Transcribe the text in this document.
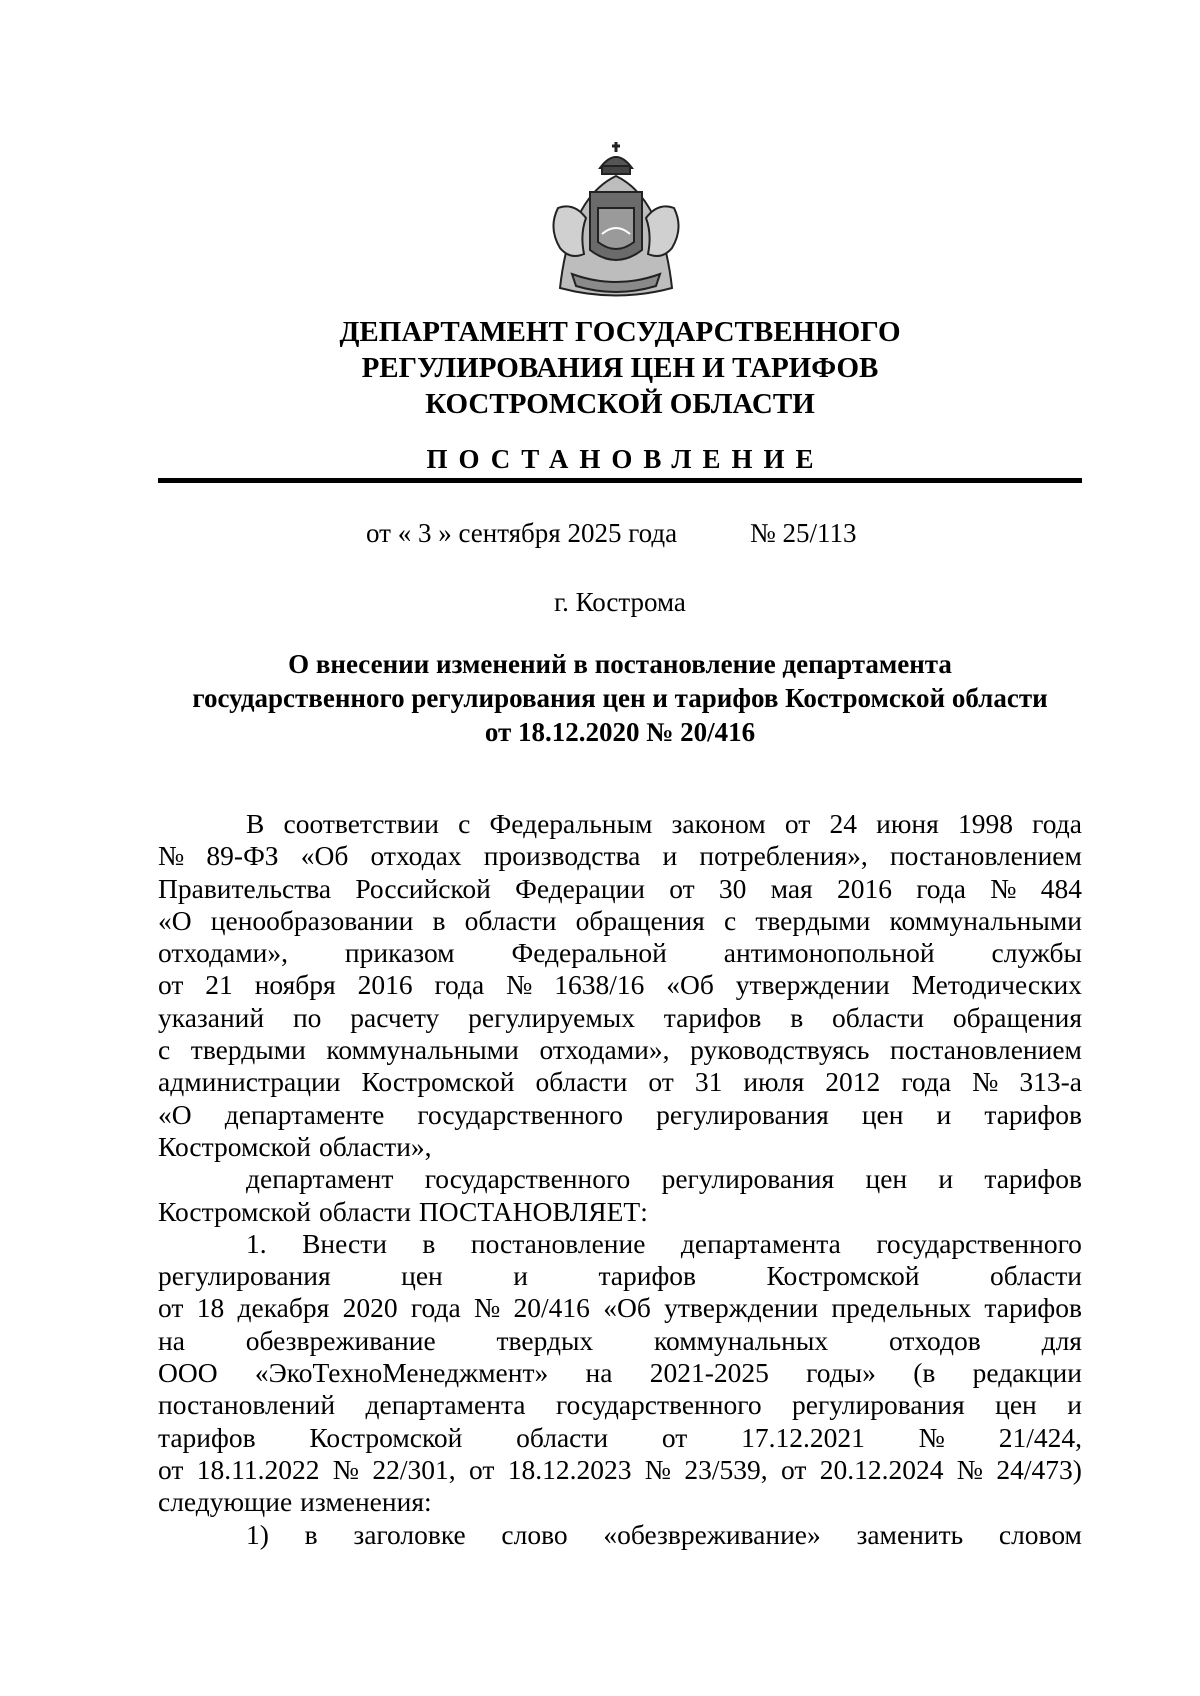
ДЕПАРТАМЕНТ ГОСУДАРСТВЕННОГО
РЕГУЛИРОВАНИЯ ЦЕН И ТАРИФОВ
КОСТРОМСКОЙ ОБЛАСТИ
ПОСТАНОВЛЕНИЕ
от « 3 » сентября 2025 года	№ 25/113
г. Кострома
О внесении изменений в постановление департамента
государственного регулирования цен и тарифов Костромской области
от 18.12.2020 № 20/416
В соответствии с Федеральным законом от 24 июня 1998 года
№ 89-ФЗ «Об отходах производства и потребления», постановлением
Правительства Российской Федерации от 30 мая 2016 года № 484
«О ценообразовании в области обращения с твердыми коммунальными
отходами», приказом Федеральной антимонопольной службы
от 21 ноября 2016 года № 1638/16 «Об утверждении Методических
указаний по расчету регулируемых тарифов в области обращения
с твердыми коммунальными отходами», руководствуясь постановлением
администрации Костромской области от 31 июля 2012 года № 313-а
«О департаменте государственного регулирования цен и тарифов
Костромской области»,
департамент государственного регулирования цен и тарифов
Костромской области ПОСТАНОВЛЯЕТ:
1. Внести в постановление департамента государственного
регулирования	цен	и	тарифов	Костромской	области
от 18 декабря 2020 года № 20/416 «Об утверждении предельных тарифов
на обезвреживание твердых коммунальных отходов для
ООО «ЭкоТехноМенеджмент» на 2021-2025 годы» (в редакции
постановлений департамента государственного регулирования цен и
тарифов Костромской области от 17.12.2021 № 21/424,
от 18.11.2022 № 22/301, от 18.12.2023 № 23/539, от 20.12.2024 № 24/473)
следующие изменения:
1) в заголовке слово «обезвреживание» заменить словом
